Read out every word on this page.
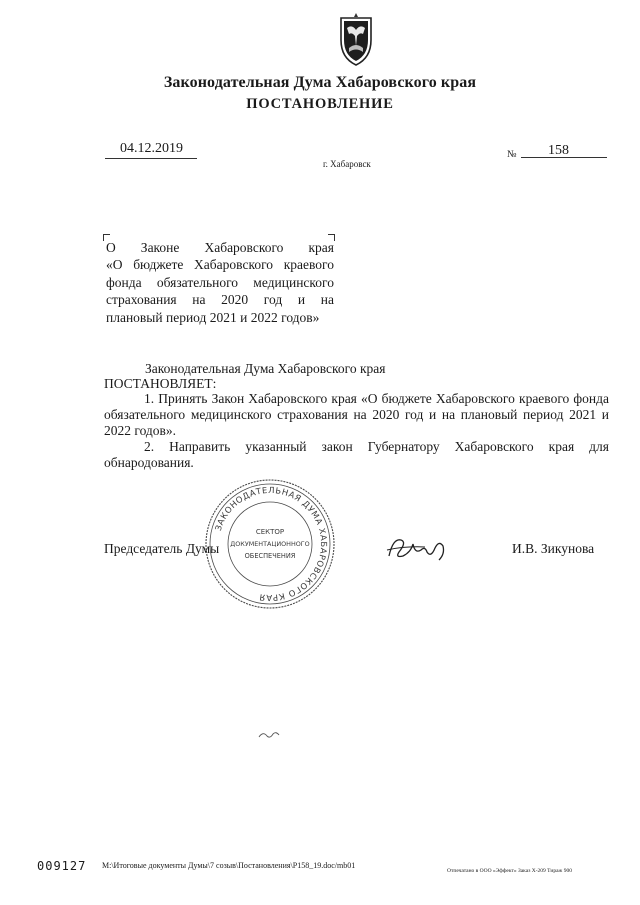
Законодательная Дума Хабаровского края
ПОСТАНОВЛЕНИЕ
04.12.2019
г. Хабаровск
№ 158
О Законе Хабаровского края
«О бюджете Хабаровского краевого
фонда обязательного медицинского
страхования на 2020 год и на
плановый период 2021 и 2022 годов»
Законодательная Дума Хабаровского края
ПОСТАНОВЛЯЕТ:
1. Принять Закон Хабаровского края «О бюджете Хабаровского краевого фонда обязательного медицинского страхования на 2020 год и на плановый период 2021 и 2022 годов».
2. Направить указанный закон Губернатору Хабаровского края для обнародования.
ЗАКОНОДАТЕЛЬНАЯ ДУМА ХАБАРОВСКОГО КРАЯ
СЕКТОР
ДОКУМЕНТАЦИОННОГО
ОБЕСПЕЧЕНИЯ
Председатель Думы	И.В. Зикунова
009127 M:\Итоговые документы Думы\7 созыв\Постановления\P158_19.doc/mb01
Отпечатано в ООО «Эффект» Заказ Х-209 Тираж 900
